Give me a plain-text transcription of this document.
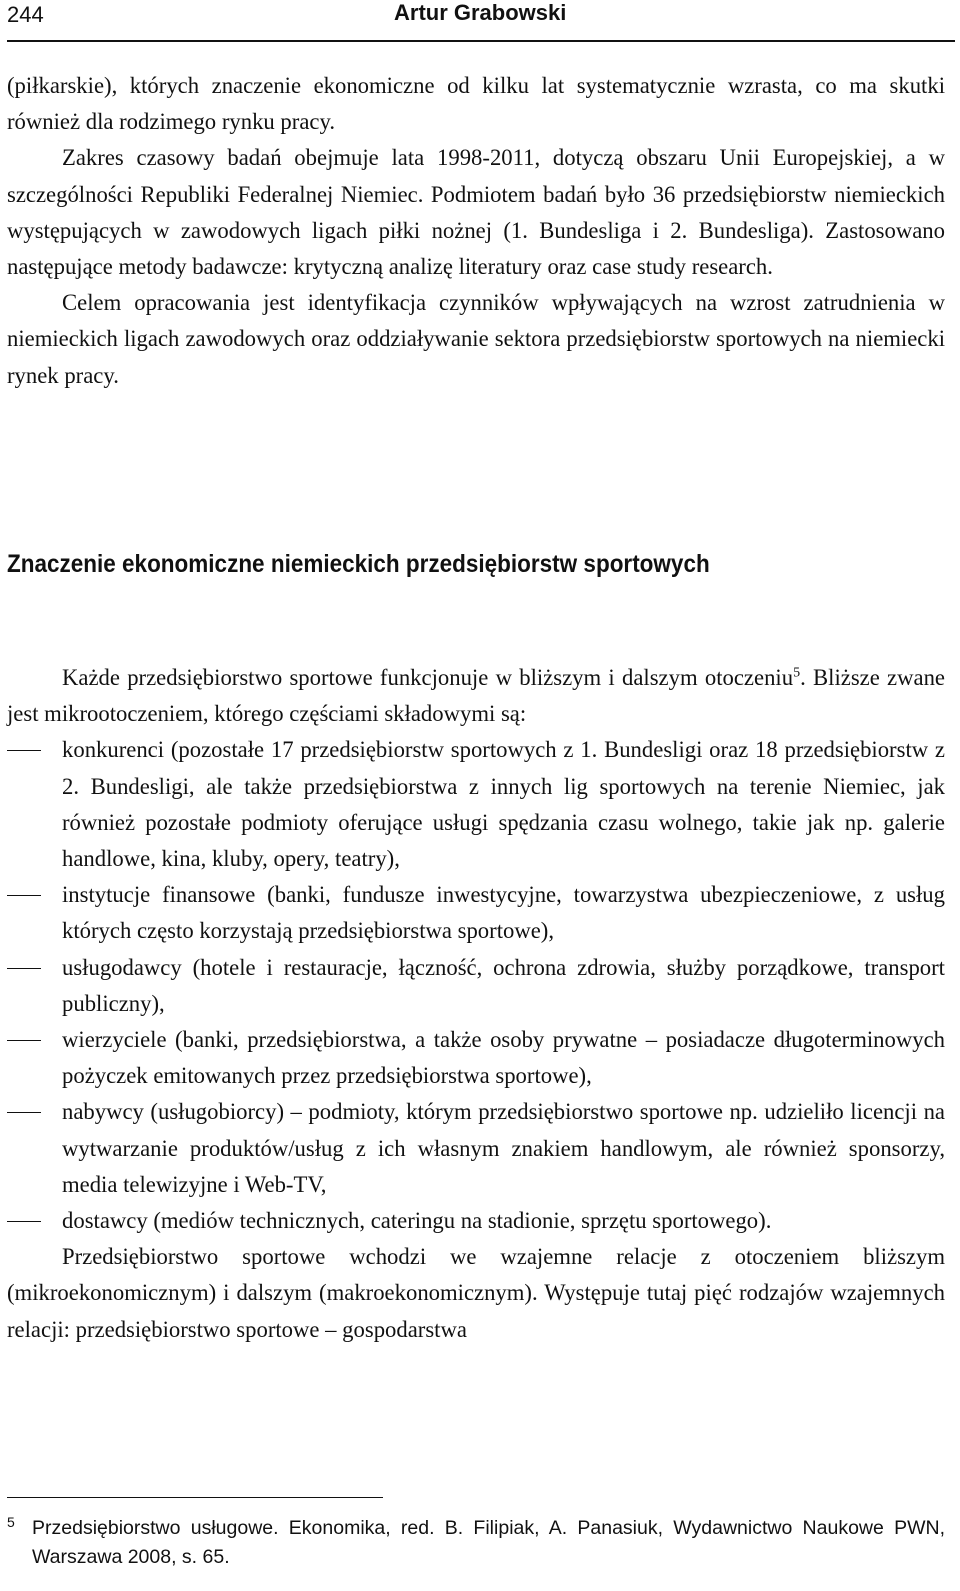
244	Artur Grabowski

(piłkarskie), których znaczenie ekonomiczne od kilku lat systematycznie wzrasta, co ma skutki również dla rodzimego rynku pracy.

Zakres czasowy badań obejmuje lata 1998-2011, dotyczą obszaru Unii Europejskiej, a w szczególności Republiki Federalnej Niemiec. Podmiotem badań było 36 przedsiębiorstw niemieckich występujących w zawodowych ligach piłki nożnej (1. Bundesliga i 2. Bundesliga). Zastosowano następujące metody badawcze: krytyczną analizę literatury oraz case study research.

Celem opracowania jest identyfikacja czynników wpływających na wzrost zatrudnienia w niemieckich ligach zawodowych oraz oddziaływanie sektora przedsiębiorstw sportowych na niemiecki rynek pracy.

Znaczenie ekonomiczne niemieckich przedsiębiorstw sportowych

Każde przedsiębiorstwo sportowe funkcjonuje w bliższym i dalszym otoczeniu$^5$. Bliższe zwane jest mikrootoczeniem, którego częściami składowymi są:

konkurenci (pozostałe 17 przedsiębiorstw sportowych z 1. Bundesligi oraz 18 przedsiębiorstw z 2. Bundesligi, ale także przedsiębiorstwa z innych lig sportowych na terenie Niemiec, jak również pozostałe podmioty oferujące usługi spędzania czasu wolnego, takie jak np. galerie handlowe, kina, kluby, opery, teatry),
instytucje finansowe (banki, fundusze inwestycyjne, towarzystwa ubezpieczeniowe, z usług których często korzystają przedsiębiorstwa sportowe),
usługodawcy (hotele i restauracje, łączność, ochrona zdrowia, służby porządkowe, transport publiczny),
wierzyciele (banki, przedsiębiorstwa, a także osoby prywatne – posiadacze długoterminowych pożyczek emitowanych przez przedsiębiorstwa sportowe),
nabywcy (usługobiorcy) – podmioty, którym przedsiębiorstwo sportowe np. udzieliło licencji na wytwarzanie produktów/usług z ich własnym znakiem handlowym, ale również sponsorzy, media telewizyjne i Web-TV,
dostawcy (mediów technicznych, cateringu na stadionie, sprzętu sportowego).

Przedsiębiorstwo sportowe wchodzi we wzajemne relacje z otoczeniem bliższym (mikroekonomicznym) i dalszym (makroekonomicznym). Występuje tutaj pięć rodzajów wzajemnych relacji: przedsiębiorstwo sportowe – gospodarstwa

5 Przedsiębiorstwo usługowe. Ekonomika, red. B. Filipiak, A. Panasiuk, Wydawnictwo Naukowe PWN, Warszawa 2008, s. 65.
